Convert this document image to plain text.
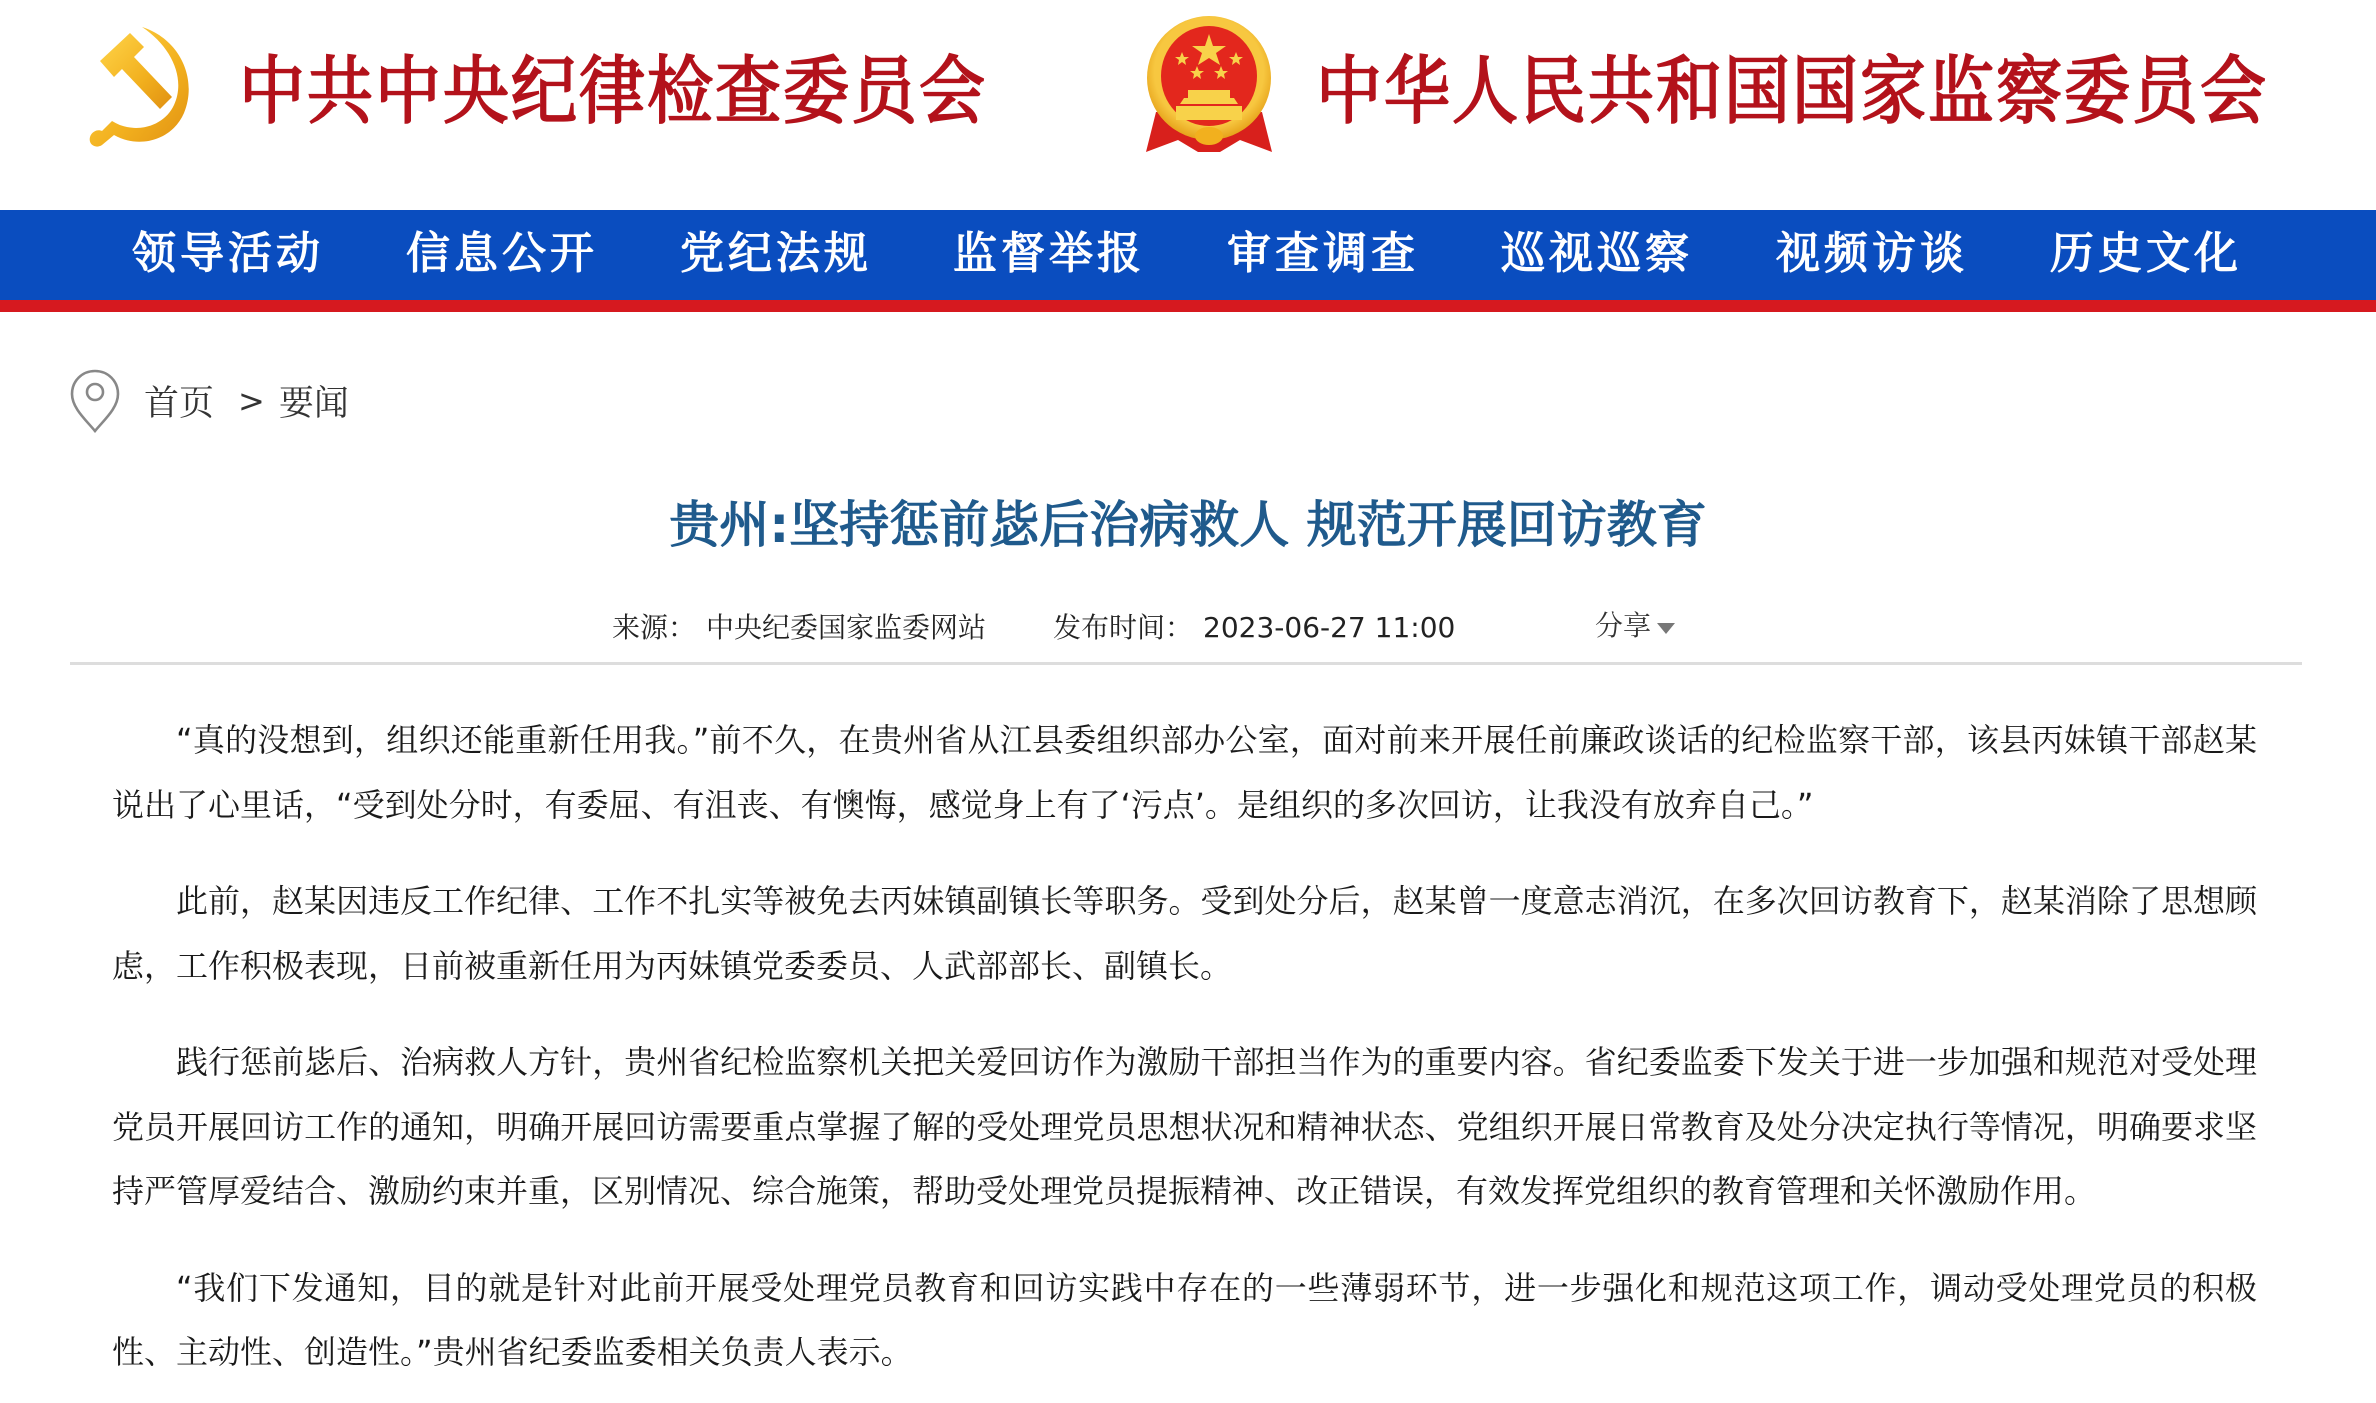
中共中央纪律检查委员会	中华人民共和国国家监察委员会
领导活动 信息公开 党纪法规 监督举报 审查调查 巡视巡察 视频访谈 历史文化
首页 > 要闻
贵州:坚持惩前毖后治病救人 规范开展回访教育
来源： 中央纪委国家监委网站 发布时间： 2023-06-27 11:00	分享

“真的没想到，组织还能重新任用我。”前不久，在贵州省从江县委组织部办公室，面对前来开展任前廉政谈话的纪检监察干部，该县丙妹镇干部赵某说出了心里话，“受到处分时，有委屈、有沮丧、有懊悔，感觉身上有了‘污点’。是组织的多次回访，让我没有放弃自己。”

此前，赵某因违反工作纪律、工作不扎实等被免去丙妹镇副镇长等职务。受到处分后，赵某曾一度意志消沉，在多次回访教育下，赵某消除了思想顾虑，工作积极表现，日前被重新任用为丙妹镇党委委员、人武部部长、副镇长。

践行惩前毖后、治病救人方针，贵州省纪检监察机关把关爱回访作为激励干部担当作为的重要内容。省纪委监委下发关于进一步加强和规范对受处理党员开展回访工作的通知，明确开展回访需要重点掌握了解的受处理党员思想状况和精神状态、党组织开展日常教育及处分决定执行等情况，明确要求坚持严管厚爱结合、激励约束并重，区别情况、综合施策，帮助受处理党员提振精神、改正错误，有效发挥党组织的教育管理和关怀激励作用。

“我们下发通知，目的就是针对此前开展受处理党员教育和回访实践中存在的一些薄弱环节，进一步强化和规范这项工作，调动受处理党员的积极性、主动性、创造性。”贵州省纪委监委相关负责人表示。
